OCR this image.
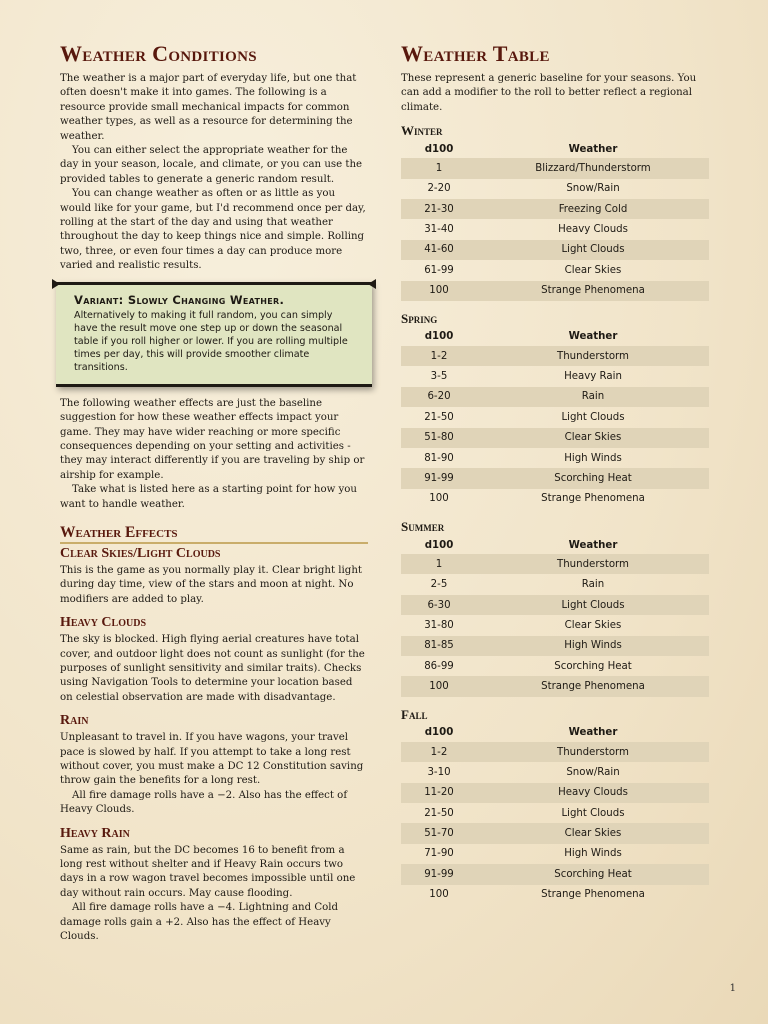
Weather Conditions

The weather is a major part of everyday life, but one that often doesn't make it into games. The following is a resource provide small mechanical impacts for common weather types, as well as a resource for determining the weather.

You can either select the appropriate weather for the day in your season, locale, and climate, or you can use the provided tables to generate a generic random result.

You can change weather as often or as little as you would like for your game, but I'd recommend once per day, rolling at the start of the day and using that weather throughout the day to keep things nice and simple. Rolling two, three, or even four times a day can produce more varied and realistic results.

Variant: Slowly Changing Weather.

Alternatively to making it full random, you can simply have the result move one step up or down the seasonal table if you roll higher or lower. If you are rolling multiple times per day, this will provide smoother climate transitions.

The following weather effects are just the baseline suggestion for how these weather effects impact your game. They may have wider reaching or more specific consequences depending on your setting and activities - they may interact differently if you are traveling by ship or airship for example.

Take what is listed here as a starting point for how you want to handle weather.

Weather Effects
Clear Skies/Light Clouds

This is the game as you normally play it. Clear bright light during day time, view of the stars and moon at night. No modifiers are added to play.

Heavy Clouds

The sky is blocked. High flying aerial creatures have total cover, and outdoor light does not count as sunlight (for the purposes of sunlight sensitivity and similar traits). Checks using Navigation Tools to determine your location based on celestial observation are made with disadvantage.

Rain

Unpleasant to travel in. If you have wagons, your travel pace is slowed by half. If you attempt to take a long rest without cover, you must make a DC 12 Constitution saving throw gain the benefits for a long rest.

All fire damage rolls have a −2. Also has the effect of Heavy Clouds.

Heavy Rain

Same as rain, but the DC becomes 16 to benefit from a long rest without shelter and if Heavy Rain occurs two days in a row wagon travel becomes impossible until one day without rain occurs. May cause flooding.

All fire damage rolls have a −4. Lightning and Cold damage rolls gain a +2. Also has the effect of Heavy Clouds.

Weather Table

These represent a generic baseline for your seasons. You can add a modifier to the roll to better reflect a regional climate.

Winter
d100	Weather
1	Blizzard/Thunderstorm
2-20	Snow/Rain
21-30	Freezing Cold
31-40	Heavy Clouds
41-60	Light Clouds
61-99	Clear Skies
100	Strange Phenomena
Spring
d100	Weather
1-2	Thunderstorm
3-5	Heavy Rain
6-20	Rain
21-50	Light Clouds
51-80	Clear Skies
81-90	High Winds
91-99	Scorching Heat
100	Strange Phenomena
Summer
d100	Weather
1	Thunderstorm
2-5	Rain
6-30	Light Clouds
31-80	Clear Skies
81-85	High Winds
86-99	Scorching Heat
100	Strange Phenomena
Fall
d100	Weather
1-2	Thunderstorm
3-10	Snow/Rain
11-20	Heavy Clouds
21-50	Light Clouds
51-70	Clear Skies
71-90	High Winds
91-99	Scorching Heat
100	Strange Phenomena
1
